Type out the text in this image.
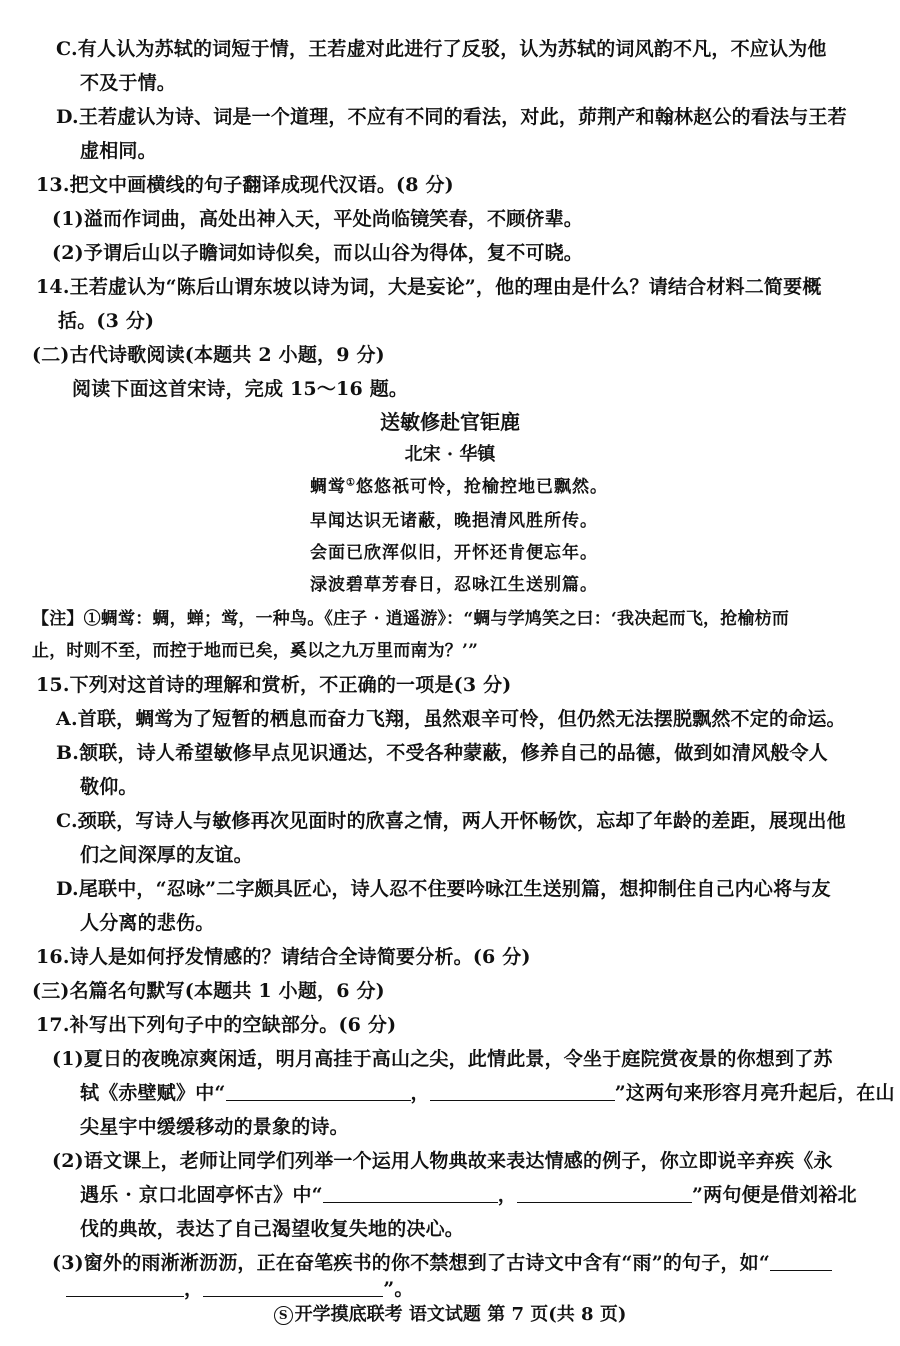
C.有人认为苏轼的词短于情，王若虚对此进行了反驳，认为苏轼的词风韵不凡，不应认为他
不及于情。
D.王若虚认为诗、词是一个道理，不应有不同的看法，对此，茆荆产和翰林赵公的看法与王若
虚相同。
13.把文中画横线的句子翻译成现代汉语。(8 分)
(1)溢而作词曲，高处出神入天，平处尚临镜笑春，不顾侪辈。
(2)予谓后山以子瞻词如诗似矣，而以山谷为得体，复不可晓。
14.王若虚认为“陈后山谓东坡以诗为词，大是妄论”，他的理由是什么？请结合材料二简要概
括。(3 分)
(二)古代诗歌阅读(本题共 2 小题，9 分)
阅读下面这首宋诗，完成 15～16 题。
送敏修赴官钜鹿
北宋 · 华镇
蜩鸴①悠悠祇可怜，抢榆控地已飘然。
早闻达识无诸蔽，晚挹清风胜所传。
会面已欣浑似旧，开怀还肯便忘年。
渌波碧草芳春日，忍咏江生送别篇。
【注】①蜩鸴：蜩，蝉；鸴，一种鸟。《庄子 · 逍遥游》：“蜩与学鸠笑之曰：‘我决起而飞，抢榆枋而
止，时则不至，而控于地而已矣，奚以之九万里而南为？’”
15.下列对这首诗的理解和赏析，不正确的一项是(3 分)
A.首联，蜩鸴为了短暂的栖息而奋力飞翔，虽然艰辛可怜，但仍然无法摆脱飘然不定的命运。
B.颔联，诗人希望敏修早点见识通达，不受各种蒙蔽，修养自己的品德，做到如清风般令人
敬仰。
C.颈联，写诗人与敏修再次见面时的欣喜之情，两人开怀畅饮，忘却了年龄的差距，展现出他
们之间深厚的友谊。
D.尾联中，“忍咏”二字颇具匠心，诗人忍不住要吟咏江生送别篇，想抑制住自己内心将与友
人分离的悲伤。
16.诗人是如何抒发情感的？请结合全诗简要分析。(6 分)
(三)名篇名句默写(本题共 1 小题，6 分)
17.补写出下列句子中的空缺部分。(6 分)
(1)夏日的夜晚凉爽闲适，明月高挂于高山之尖，此情此景，令坐于庭院赏夜景的你想到了苏
轼《赤壁赋》中“	，	”这两句来形容月亮升起后，在山
尖星宇中缓缓移动的景象的诗。
(2)语文课上，老师让同学们列举一个运用人物典故来表达情感的例子，你立即说辛弃疾《永
遇乐 · 京口北固亭怀古》中“	，	”两句便是借刘裕北
伐的典故，表达了自己渴望收复失地的决心。
(3)窗外的雨淅淅沥沥，正在奋笔疾书的你不禁想到了古诗文中含有“雨”的句子，如“
，	”。
S 开学摸底联考 语文试题 第 7 页(共 8 页)
